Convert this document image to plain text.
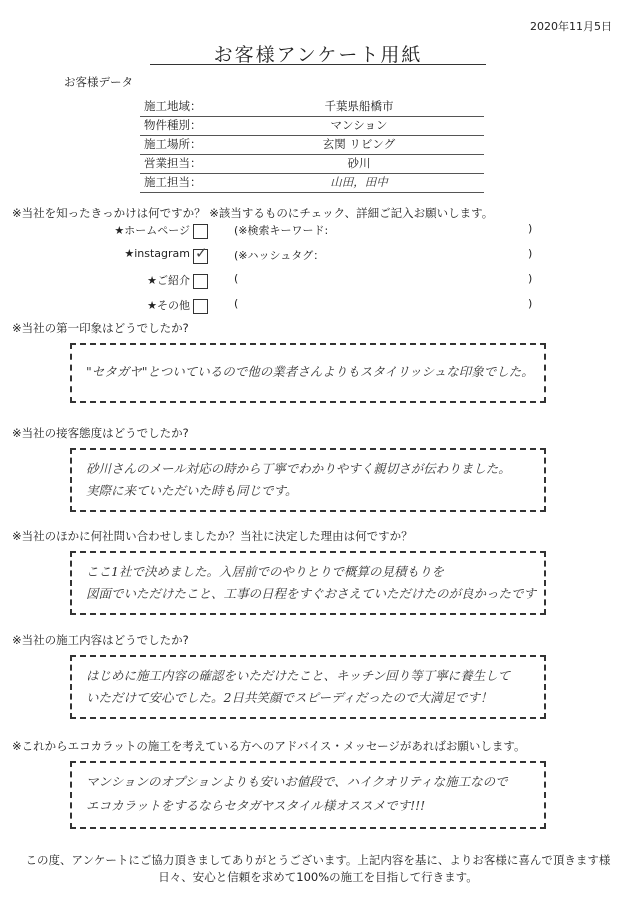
2020年11月5日
お客様アンケート用紙
お客様データ
施工地域：	千葉県船橋市
物件種別：	マンション
施工場所：	玄関 リビング
営業担当：	砂川
施工担当：	山田，田中
※当社を知ったきっかけは何ですか？ ※該当するものにチェック、詳細ご記入お願いします。
★ホームページ	(※検索キーワード:	)
★instagram ✓ (※ハッシュタグ：	)
★ご紹介	(	)
★その他	(	)
※当社の第一印象はどうでしたか?
"セタガヤ"とついているので他の業者さんよりもスタイリッシュな印象でした。
※当社の接客態度はどうでしたか?
砂川さんのメール対応の時から丁寧でわかりやすく親切さが伝わりました。
実際に来ていただいた時も同じです。
※当社のほかに何社問い合わせしましたか？当社に決定した理由は何ですか？
ここ1社で決めました。入居前でのやりとりで概算の見積もりを
図面でいただけたこと、工事の日程をすぐおさえていただけたのが良かったです
※当社の施工内容はどうでしたか?
はじめに施工内容の確認をいただけたこと、キッチン回り等丁寧に養生して
いただけて安心でした。2日共笑顔でスピーディだったので大満足です！
※これからエコカラットの施工を考えている方へのアドバイス・メッセージがあればお願いします。
マンションのオプションよりも安いお値段で、ハイクオリティな施工なので
エコカラットをするならセタガヤスタイル様オススメです!!!
この度、アンケートにご協力頂きましてありがとうございます。上記内容を基に、よりお客様に喜んで頂きます様
日々、安心と信頼を求めて100%の施工を目指して行きます。
